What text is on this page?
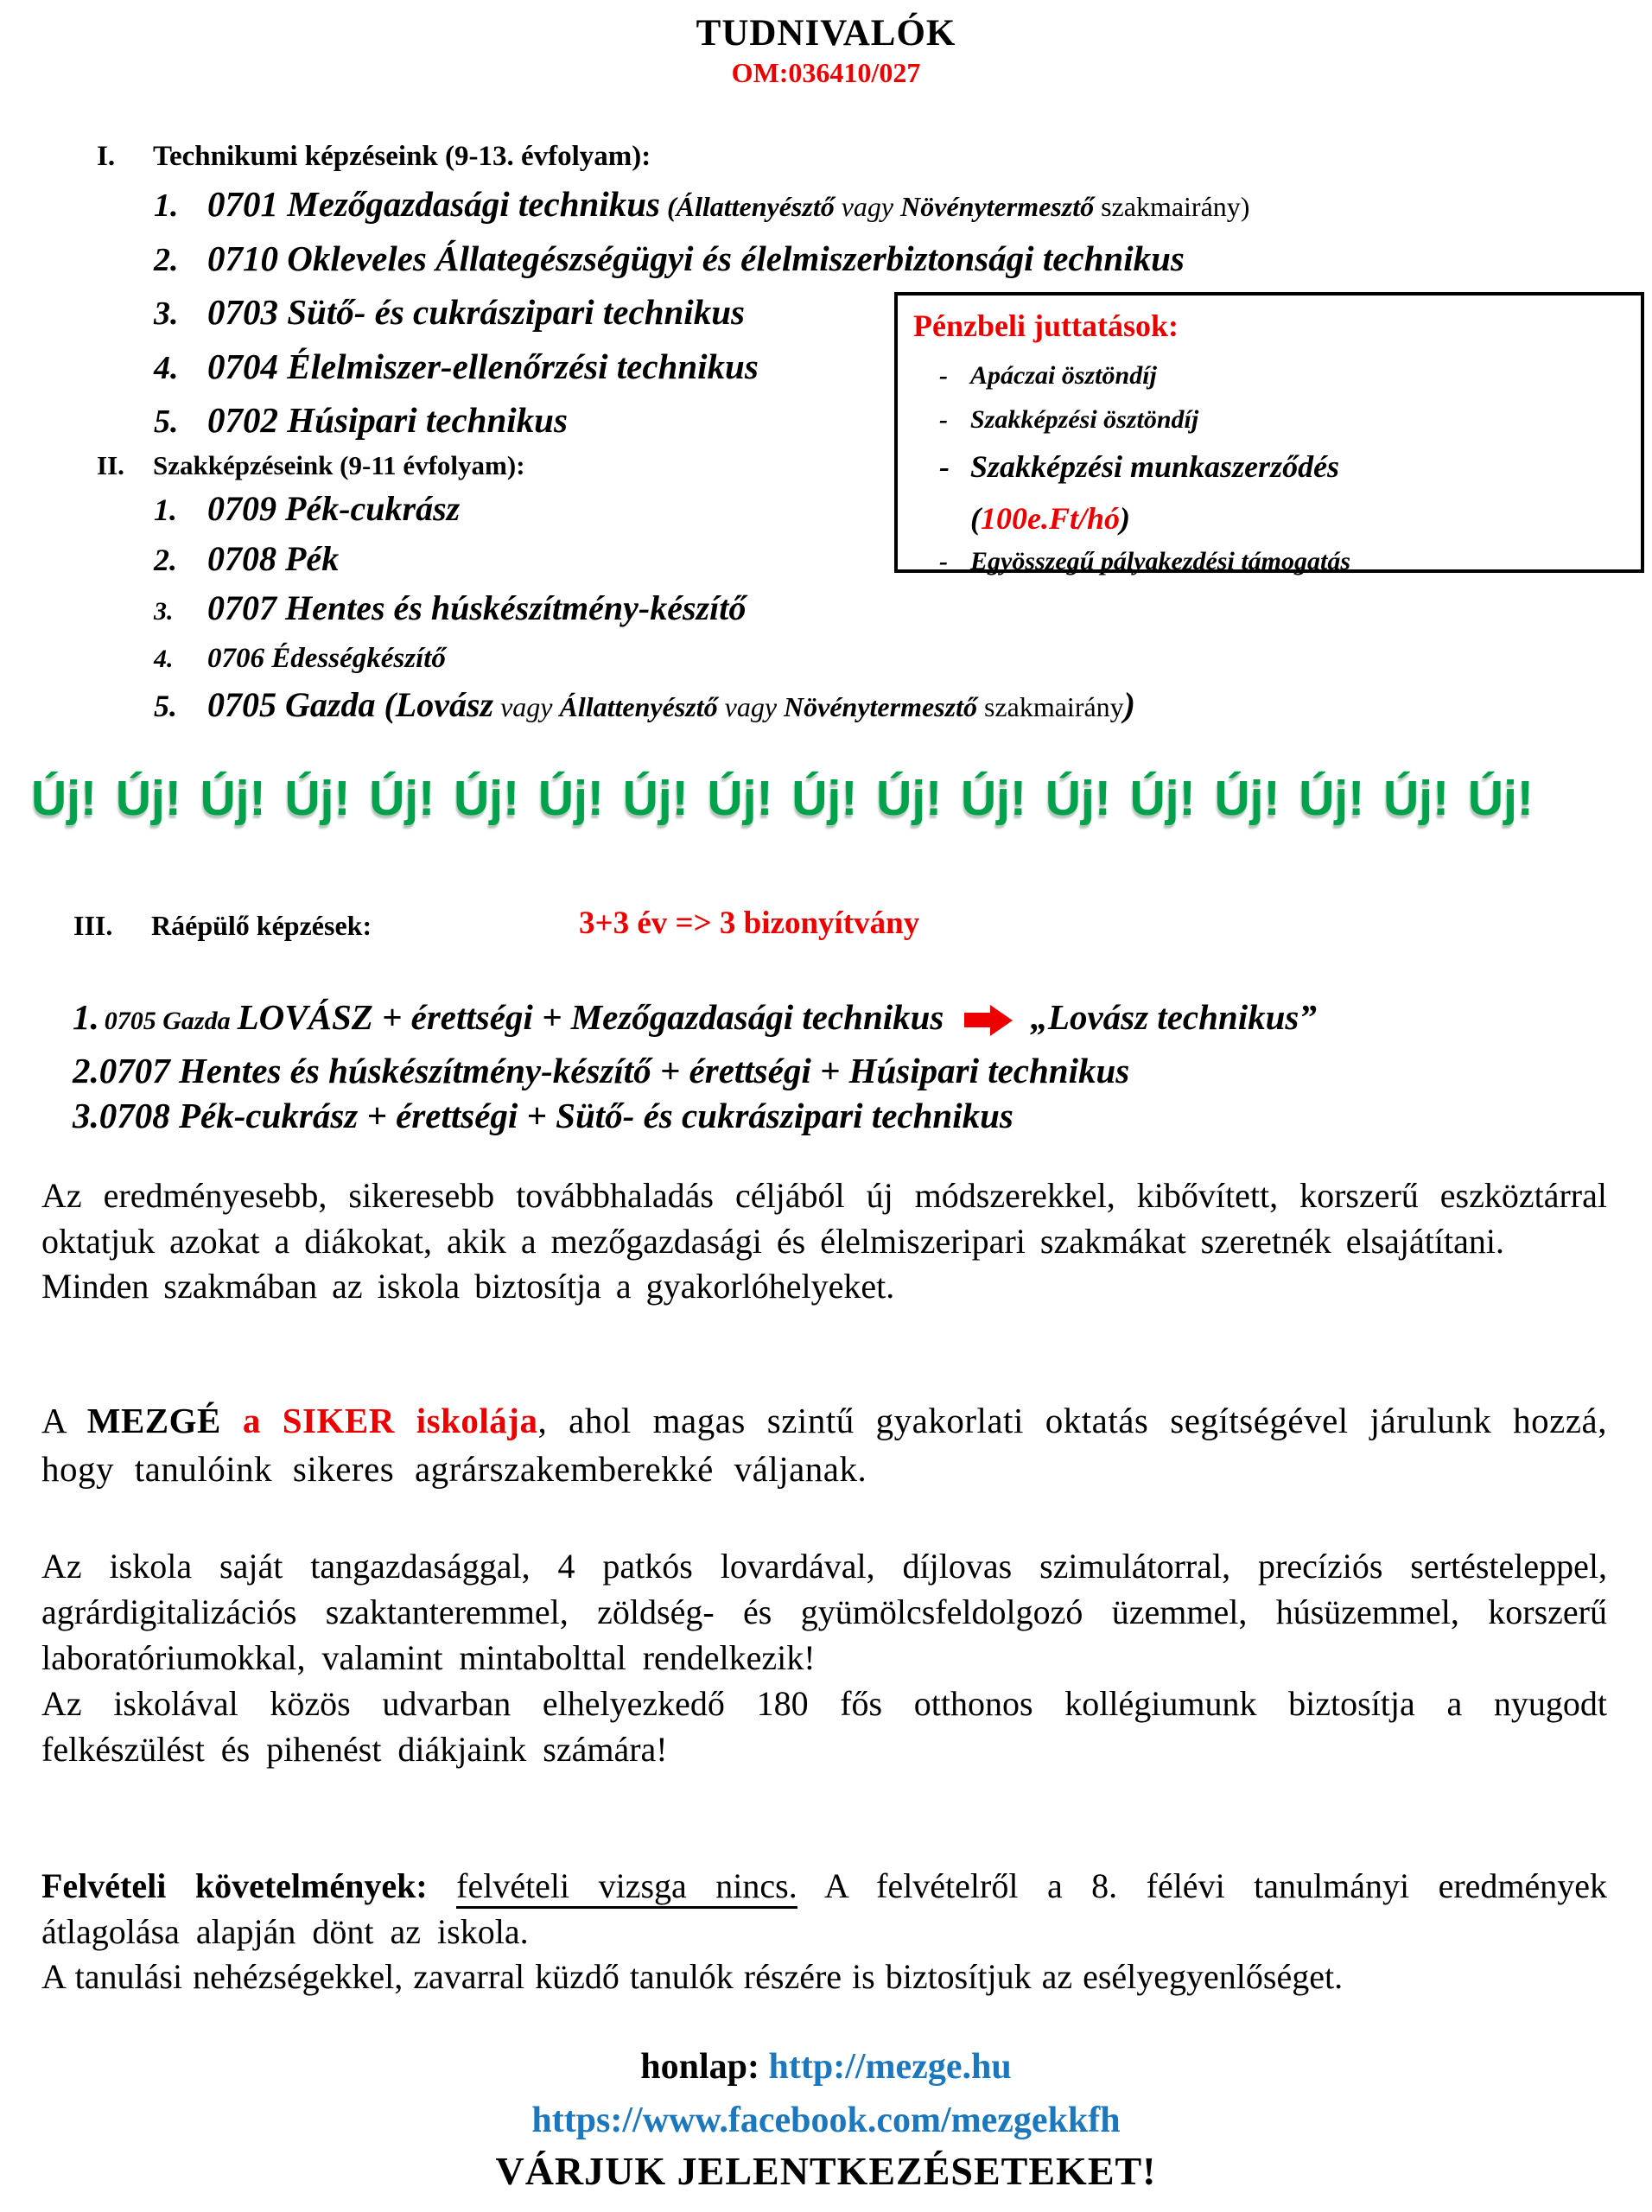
TUDNIVALÓK
OM:036410/027
I. Technikumi képzéseink (9-13. évfolyam):
1. 0701 Mezőgazdasági technikus (Állattenyésztő vagy Növénytermesztő szakmairány)
2. 0710 Okleveles Állategészségügyi és élelmiszerbiztonsági technikus
3. 0703 Sütő- és cukrászipari technikus
4. 0704 Élelmiszer-ellenőrzési technikus
5. 0702 Húsipari technikus
Pénzbeli juttatások:
- Apáczai ösztöndíj
- Szakképzési ösztöndíj
- Szakképzési munkaszerződés
(100e.Ft/hó)
- Egyösszegű pályakezdési támogatás
II. Szakképzéseink (9-11 évfolyam):
1. 0709 Pék-cukrász
2. 0708 Pék
3. 0707 Hentes és húskészítmény-készítő
4. 0706 Édességkészítő
5. 0705 Gazda (Lovász vagy Állattenyésztő vagy Növénytermesztő szakmairány)
Új! Új! Új! Új! Új! Új! Új! Új! Új! Új! Új! Új! Új! Új! Új! Új! Új! Új!
III. Ráépülő képzések:	3+3 év => 3 bizonyítvány
1. 0705 Gazda LOVÁSZ + érettségi + Mezőgazdasági technikus „Lovász technikus”
2.0707 Hentes és húskészítmény-készítő + érettségi + Húsipari technikus
3.0708 Pék-cukrász + érettségi + Sütő- és cukrászipari technikus
Az eredményesebb, sikeresebb továbbhaladás céljából új módszerekkel, kibővített, korszerű eszköztárral oktatjuk azokat a diákokat, akik a mezőgazdasági és élelmiszeripari szakmákat szeretnék elsajátítani.
Minden szakmában az iskola biztosítja a gyakorlóhelyeket.
A MEZGÉ a SIKER iskolája, ahol magas szintű gyakorlati oktatás segítségével járulunk hozzá, hogy tanulóink sikeres agrárszakemberekké váljanak.
Az iskola saját tangazdasággal, 4 patkós lovardával, díjlovas szimulátorral, precíziós sertésteleppel, agrárdigitalizációs szaktanteremmel, zöldség- és gyümölcsfeldolgozó üzemmel, húsüzemmel, korszerű laboratóriumokkal, valamint mintabolttal rendelkezik!
Az iskolával közös udvarban elhelyezkedő 180 fős otthonos kollégiumunk biztosítja a nyugodt felkészülést és pihenést diákjaink számára!
Felvételi követelmények: felvételi vizsga nincs. A felvételről a 8. félévi tanulmányi eredmények átlagolása alapján dönt az iskola.
A tanulási nehézségekkel, zavarral küzdő tanulók részére is biztosítjuk az esélyegyenlőséget.
honlap: http://mezge.hu
https://www.facebook.com/mezgekkfh
VÁRJUK JELENTKEZÉSETEKET!
